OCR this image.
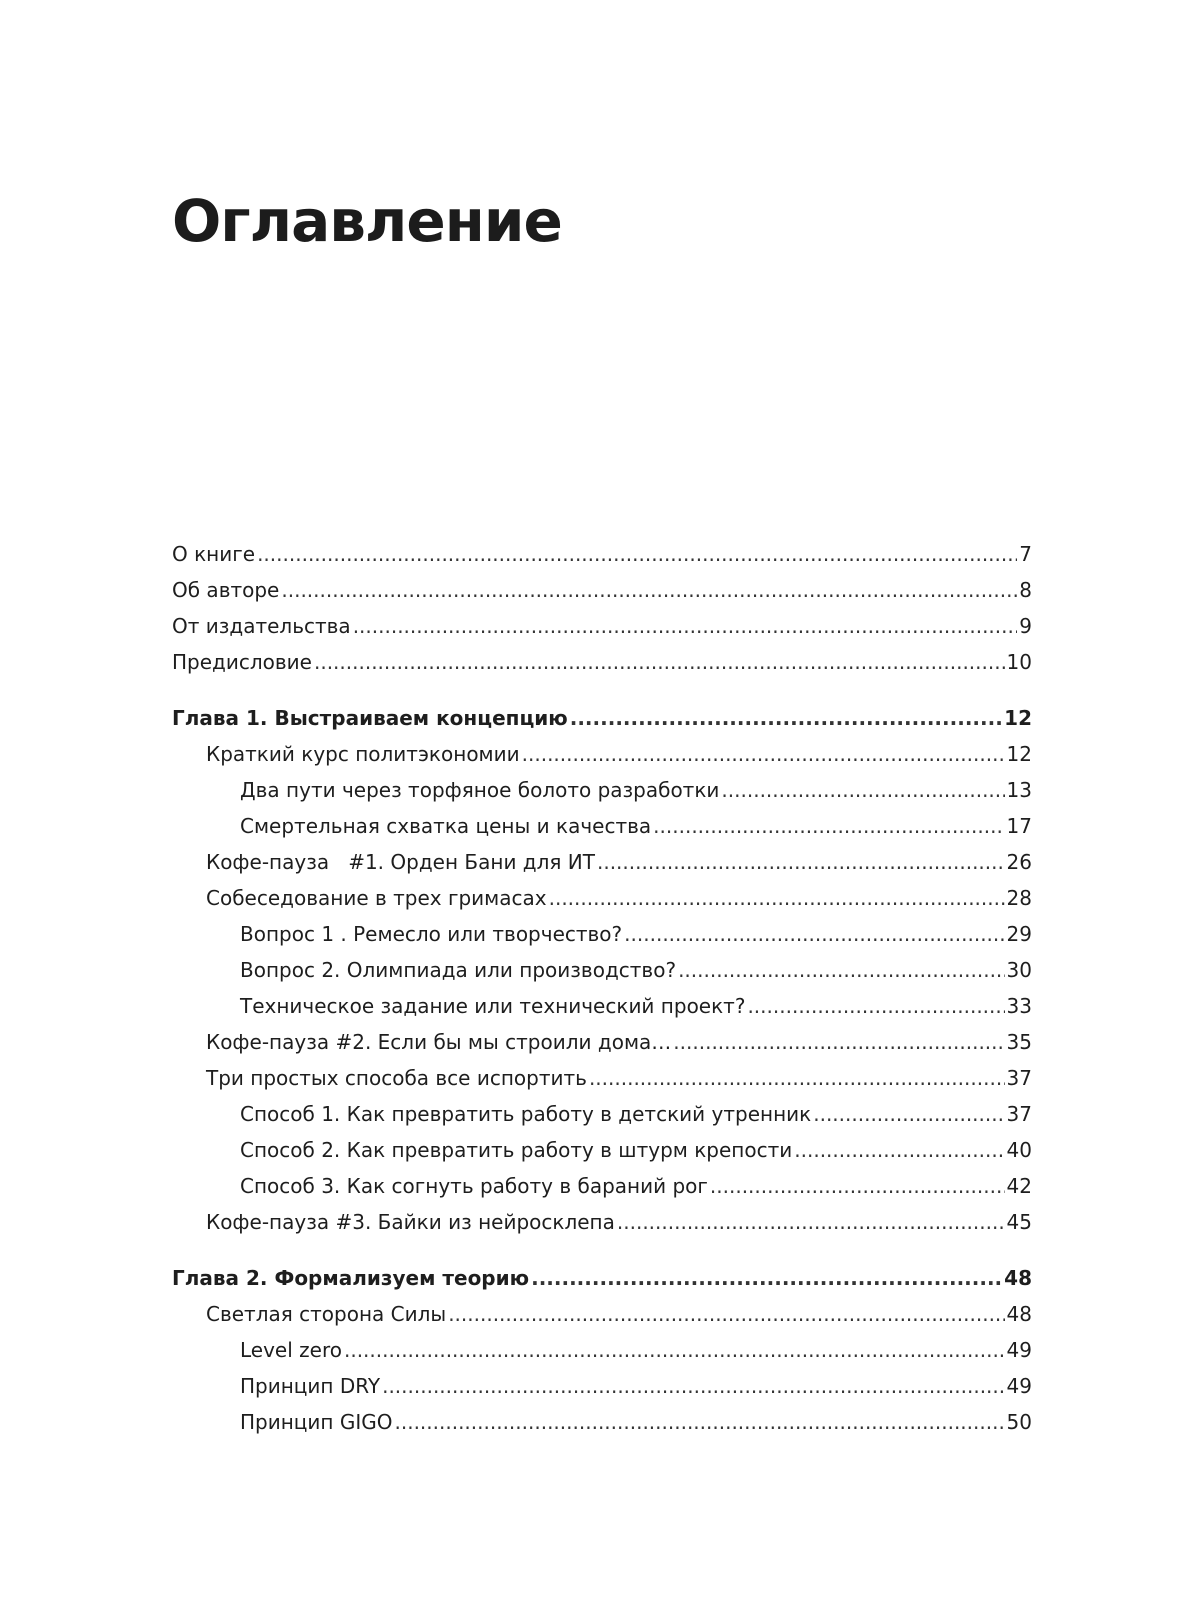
Оглавление
О книге .....	7
Об авторе .....	8
От издательства .....	9
Предисловие .....	10
Глава 1. Выстраиваем концепцию .....	12
Краткий курс политэкономии .....	12
Два пути через торфяное болото разработки .....	13
Смертельная схватка цены и качества .....	17
Кофе-пауза   #1. Орден Бани для ИТ .....	26
Собеседование в трех гримасах .....	28
Вопрос 1 . Ремесло или творчество? .....	29
Вопрос 2. Олимпиада или производство? .....	30
Техническое задание или технический проект? .....	33
Кофе-пауза #2. Если бы мы строили дома… .....	35
Три простых способа все испортить .....	37
Способ 1. Как превратить работу в детский утренник .....	37
Способ 2. Как превратить работу в штурм крепости .....	40
Способ 3. Как согнуть работу в бараний рог .....	42
Кофе-пауза #3. Байки из нейросклепа .....	45
Глава 2. Формализуем теорию .....	48
Светлая сторона Силы .....	48
Level zero .....	49
Принцип DRY .....	49
Принцип GIGO .....	50
